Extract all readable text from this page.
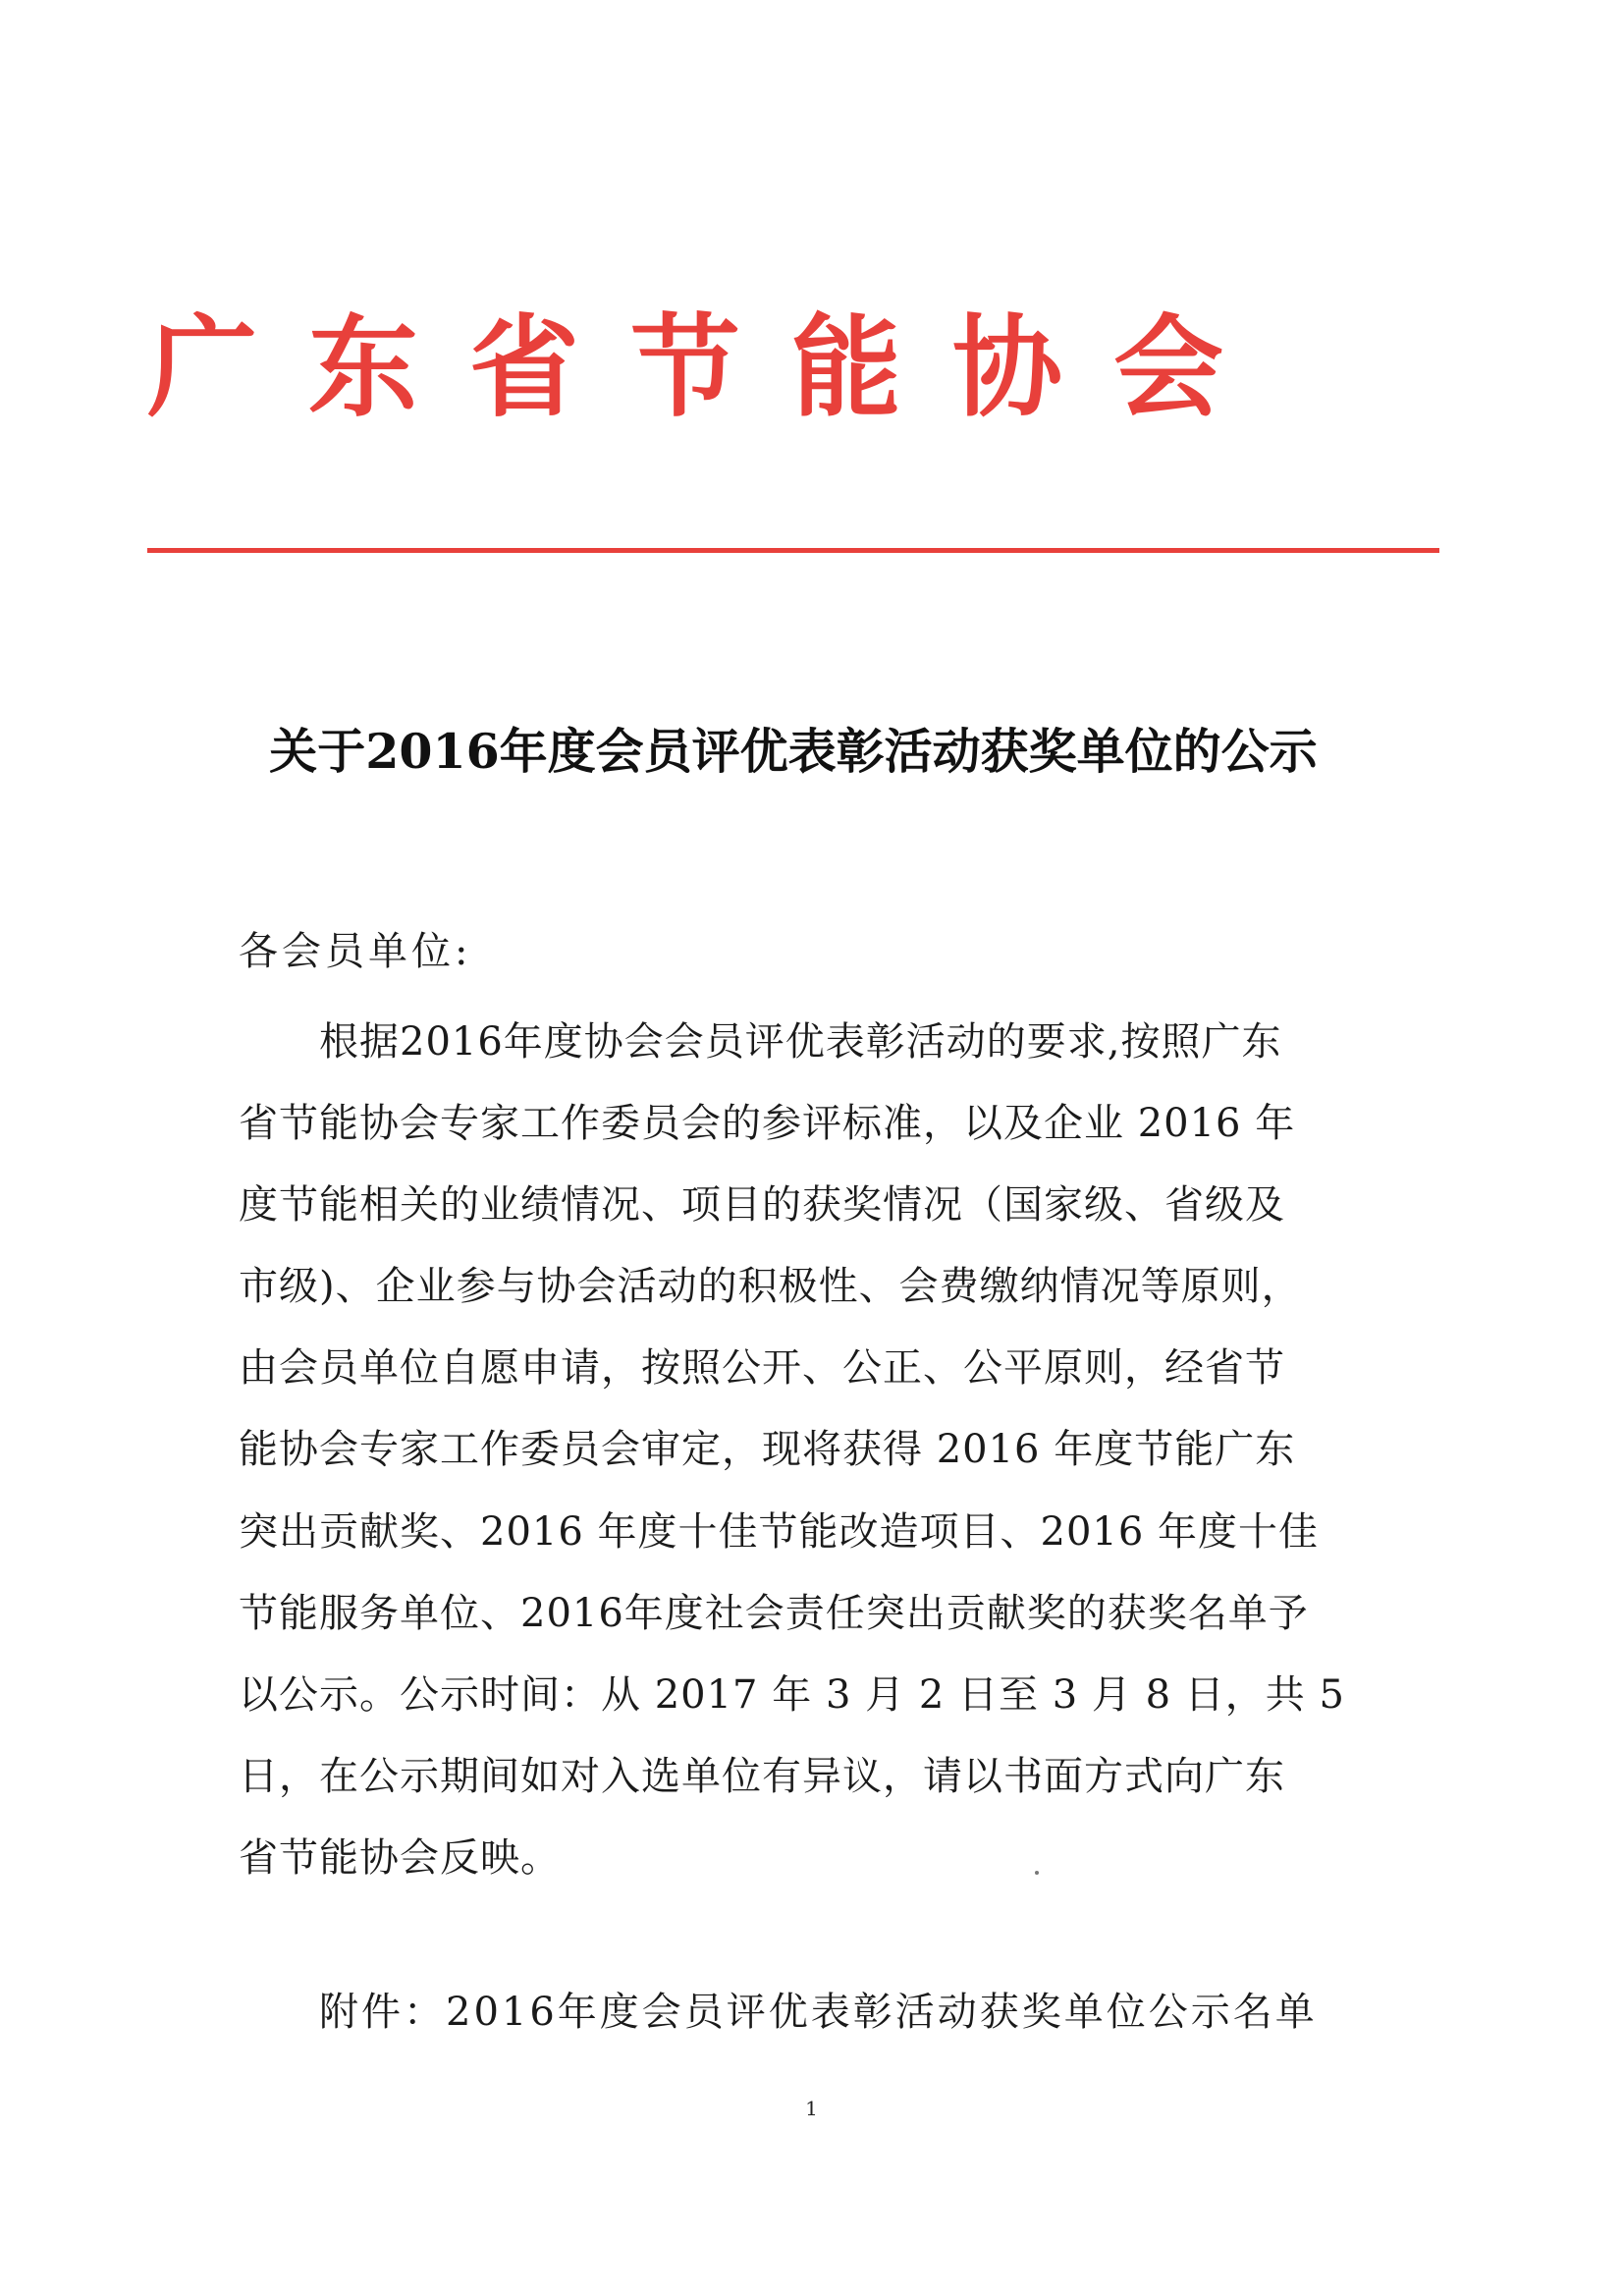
广 东 省 节 能 协 会
关于2016年度会员评优表彰活动获奖单位的公示
各会员单位:
根据2016年度协会会员评优表彰活动的要求,按照广东
省节能协会专家工作委员会的参评标准，以及企业 2016 年
度节能相关的业绩情况、项目的获奖情况（国家级、省级及
市级)、企业参与协会活动的积极性、会费缴纳情况等原则，
由会员单位自愿申请，按照公开、公正、公平原则，经省节
能协会专家工作委员会审定，现将获得 2016 年度节能广东
突出贡献奖、2016 年度十佳节能改造项目、2016 年度十佳
节能服务单位、2016年度社会责任突出贡献奖的获奖名单予
以公示。公示时间：从 2017 年 3 月 2 日至 3 月 8 日，共 5
日，在公示期间如对入选单位有异议，请以书面方式向广东
省节能协会反映。
附件：2016年度会员评优表彰活动获奖单位公示名单
1
